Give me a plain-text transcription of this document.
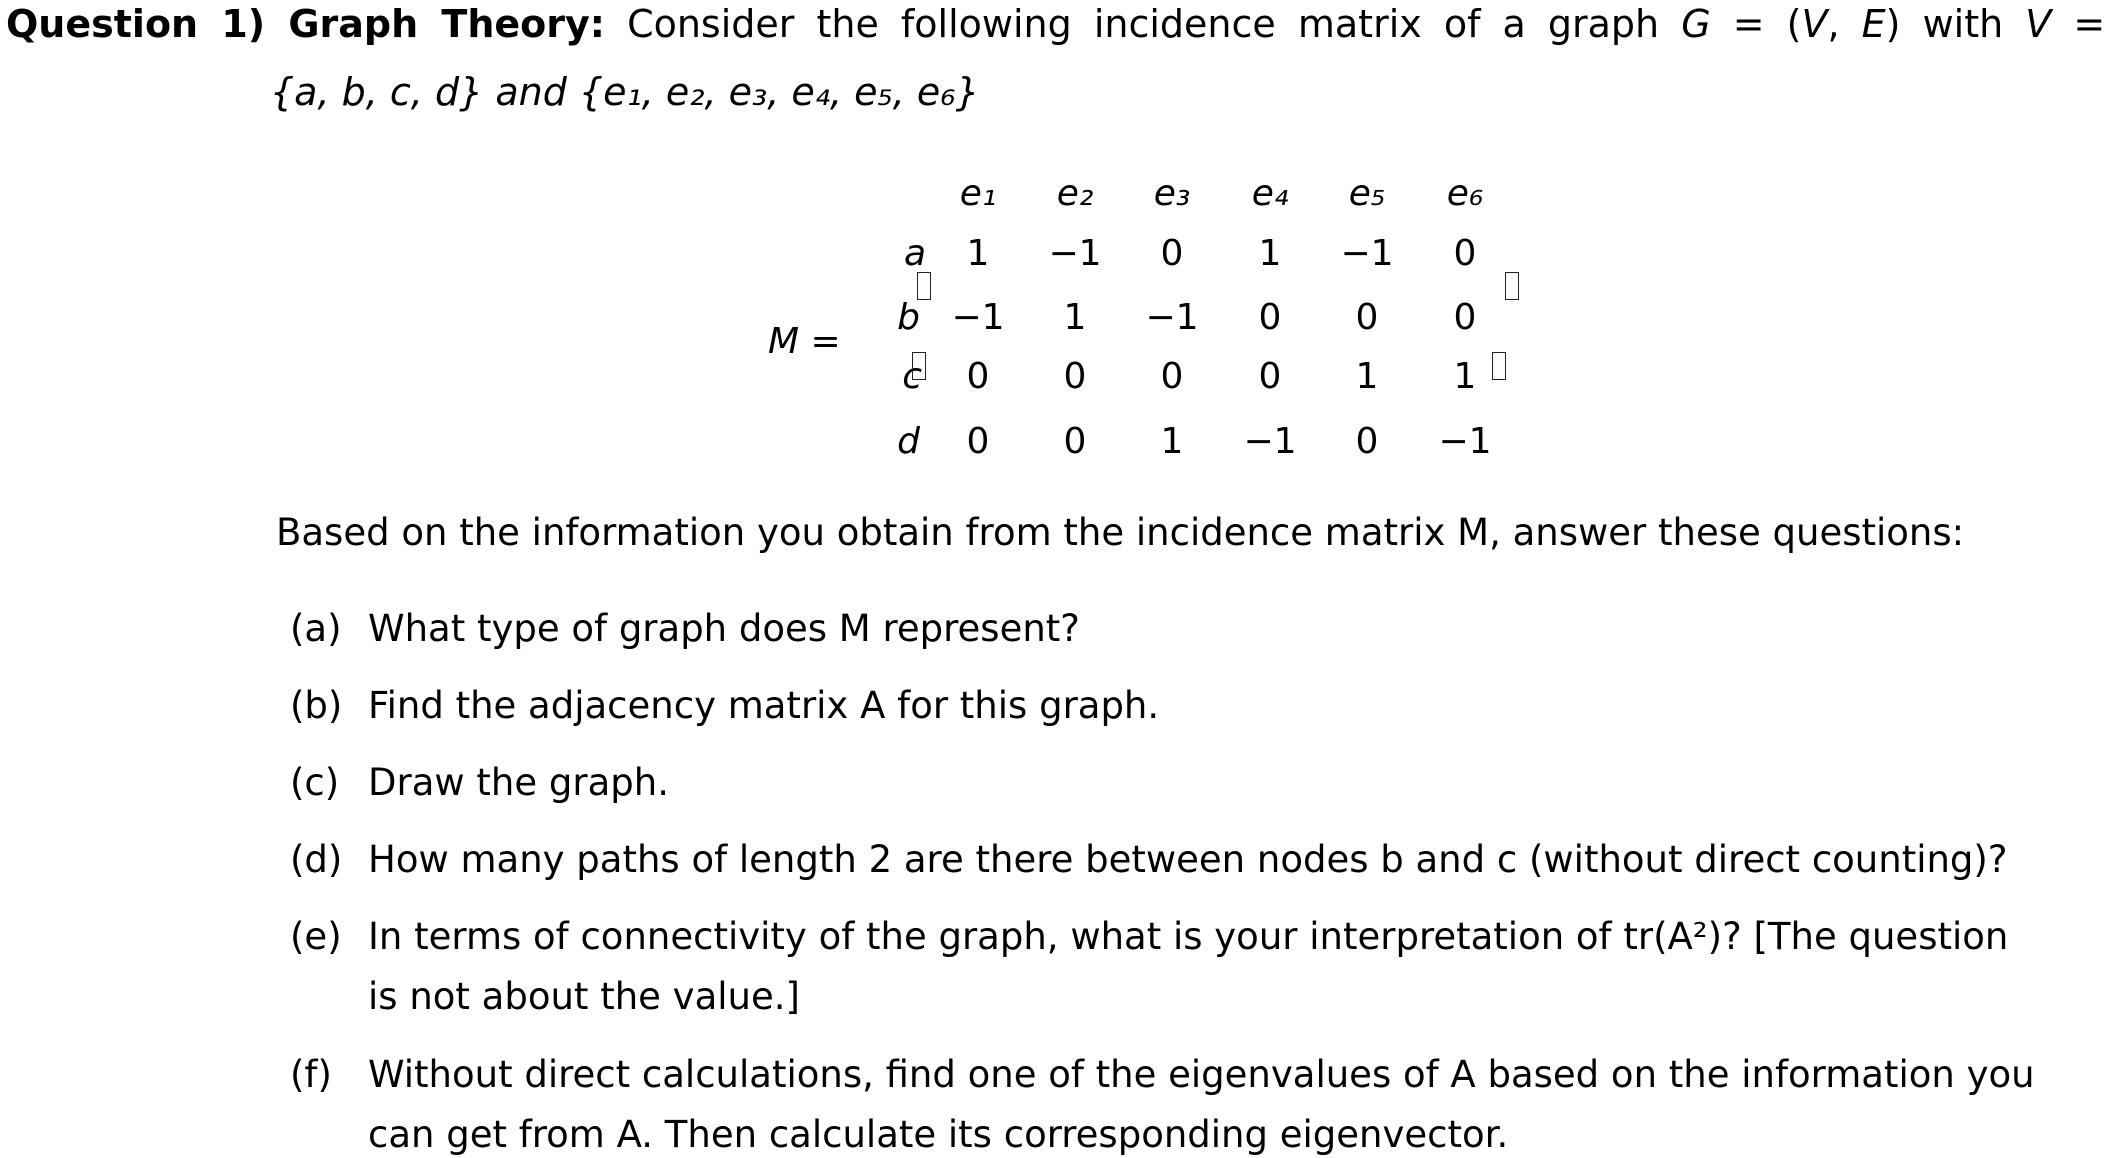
Question 1) Graph Theory: Consider the following incidence matrix of a graph G = (V, E) with V =
{a, b, c, d} and {e₁, e₂, e₃, e₄, e₅, e₆}
M =
e₁	e₂	e₃	e₄	e₅	e₆
a	1	−1	0	1	−1	0
b −1	1	−1	0	0	0
c	0	0	0	0	1	1
d	0	0	1	−1	0	−1
Based on the information you obtain from the incidence matrix M, answer these questions:
(a) What type of graph does M represent?
(b) Find the adjacency matrix A for this graph.
(c) Draw the graph.
(d) How many paths of length 2 are there between nodes b and c (without direct counting)?
(e) In terms of connectivity of the graph, what is your interpretation of tr(A²)? [The question
is not about the value.]
(f) Without direct calculations, find one of the eigenvalues of A based on the information you
can get from A. Then calculate its corresponding eigenvector.
